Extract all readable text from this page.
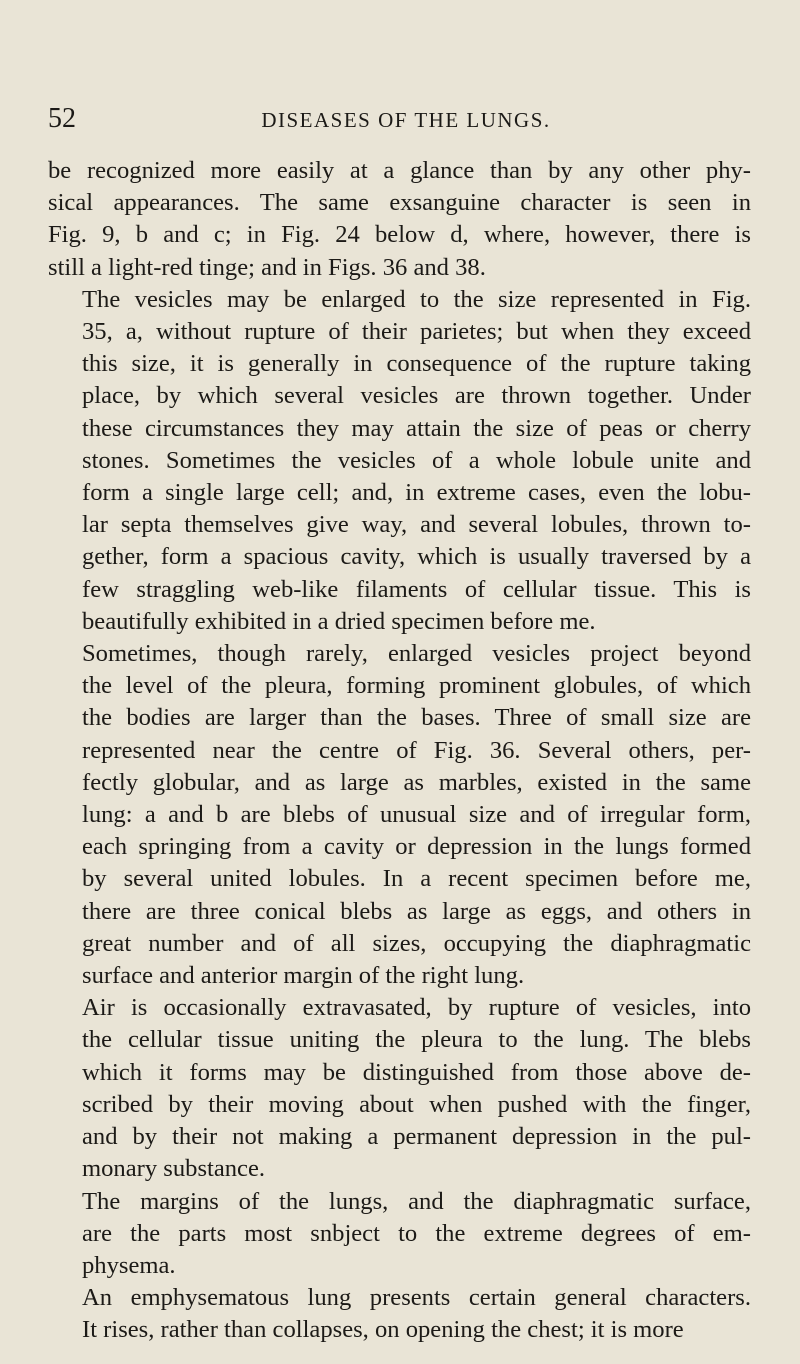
52	DISEASES OF THE LUNGS.

be recognized more easily at a glance than by any other phy-
sical appearances. The same exsanguine character is seen in
Fig. 9, b and c; in Fig. 24 below d, where, however, there is
still a light-red tinge; and in Figs. 36 and 38.

The vesicles may be enlarged to the size represented in Fig.
35, a, without rupture of their parietes; but when they exceed
this size, it is generally in consequence of the rupture taking
place, by which several vesicles are thrown together. Under
these circumstances they may attain the size of peas or cherry
stones. Sometimes the vesicles of a whole lobule unite and
form a single large cell; and, in extreme cases, even the lobu-
lar septa themselves give way, and several lobules, thrown to-
gether, form a spacious cavity, which is usually traversed by a
few straggling web-like filaments of cellular tissue. This is
beautifully exhibited in a dried specimen before me.

Sometimes, though rarely, enlarged vesicles project beyond
the level of the pleura, forming prominent globules, of which
the bodies are larger than the bases. Three of small size are
represented near the centre of Fig. 36. Several others, per-
fectly globular, and as large as marbles, existed in the same
lung: a and b are blebs of unusual size and of irregular form,
each springing from a cavity or depression in the lungs formed
by several united lobules. In a recent specimen before me,
there are three conical blebs as large as eggs, and others in
great number and of all sizes, occupying the diaphragmatic
surface and anterior margin of the right lung.

Air is occasionally extravasated, by rupture of vesicles, into
the cellular tissue uniting the pleura to the lung. The blebs
which it forms may be distinguished from those above de-
scribed by their moving about when pushed with the finger,
and by their not making a permanent depression in the pul-
monary substance.

The margins of the lungs, and the diaphragmatic surface,
are the parts most snbject to the extreme degrees of em-
physema.

An emphysematous lung presents certain general characters.
It rises, rather than collapses, on opening the chest; it is more
